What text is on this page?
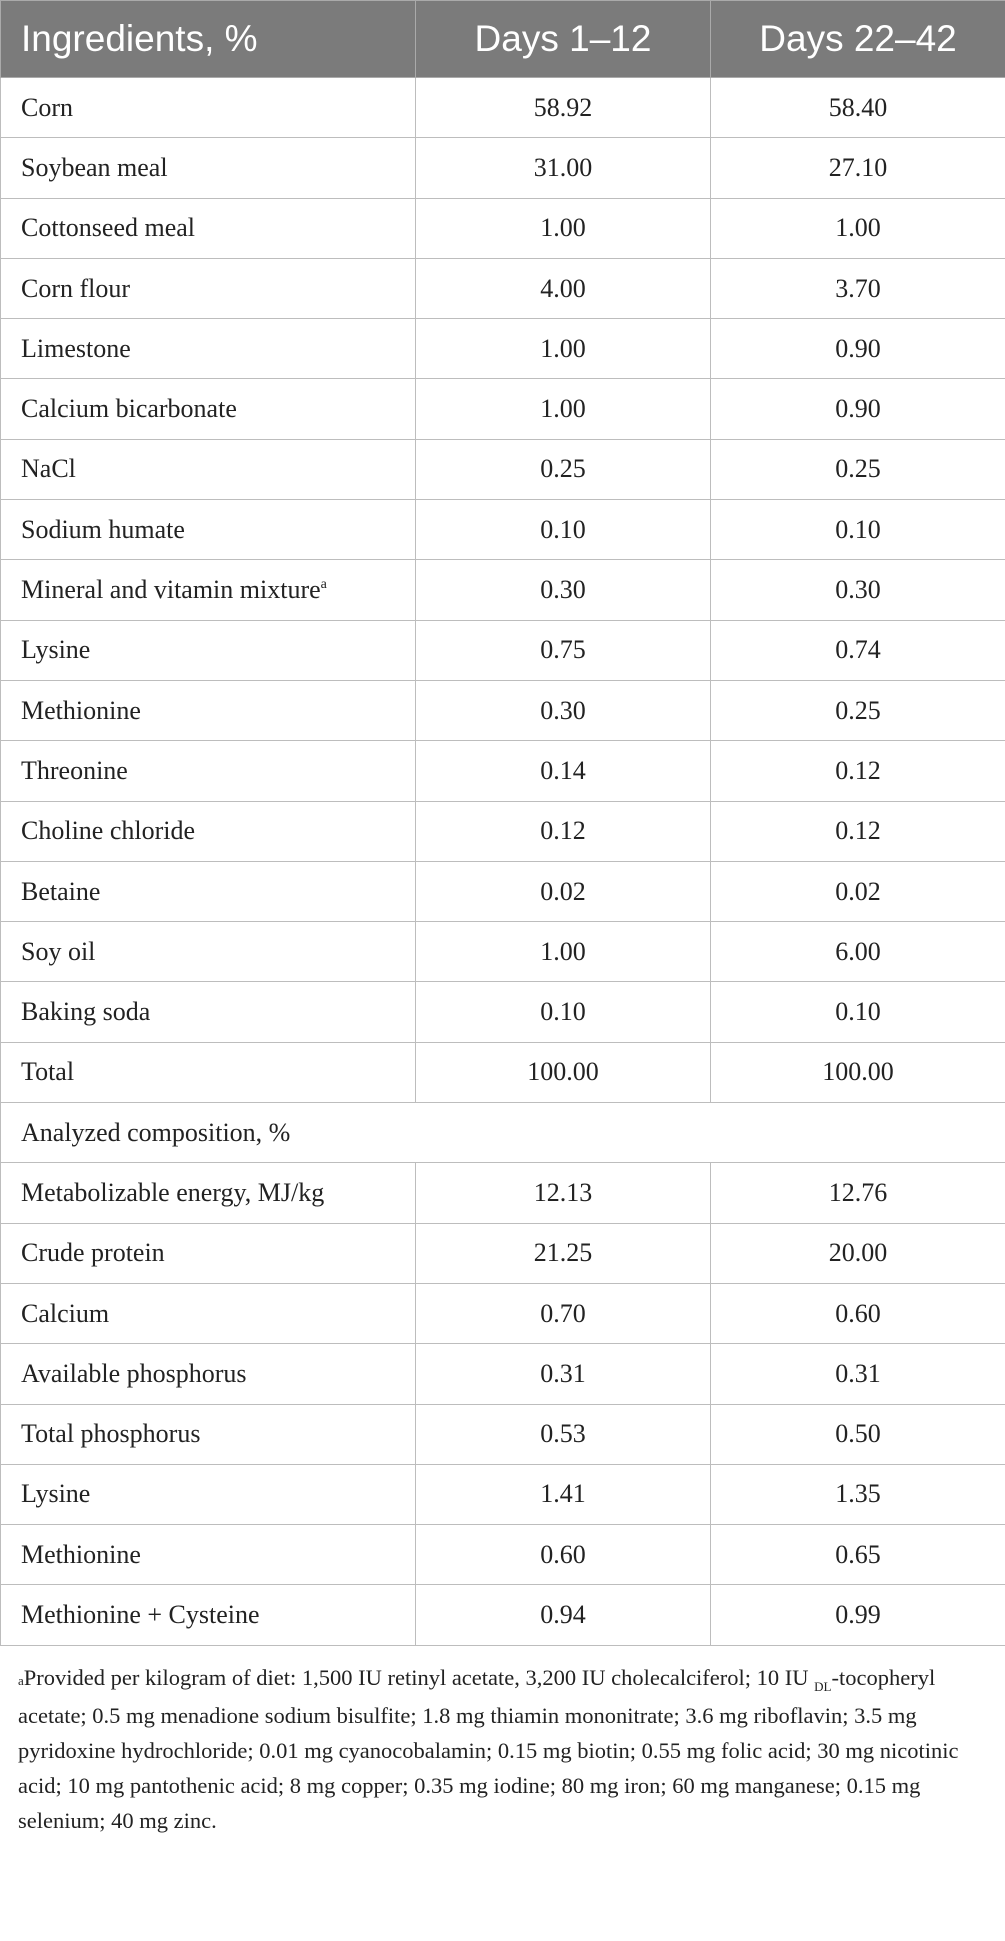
Ingredients, %	Days 1–12	Days 22–42
Corn	58.92	58.40
Soybean meal	31.00	27.10
Cottonseed meal	1.00	1.00
Corn flour	4.00	3.70
Limestone	1.00	0.90
Calcium bicarbonate	1.00	0.90
NaCl	0.25	0.25
Sodium humate	0.10	0.10
Mineral and vitamin mixture$^a$	0.30	0.30
Lysine	0.75	0.74
Methionine	0.30	0.25
Threonine	0.14	0.12
Choline chloride	0.12	0.12
Betaine	0.02	0.02
Soy oil	1.00	6.00
Baking soda	0.10	0.10
Total	100.00	100.00
Analyzed composition, %		
Metabolizable energy, MJ/kg	12.13	12.76
Crude protein	21.25	20.00
Calcium	0.70	0.60
Available phosphorus	0.31	0.31
Total phosphorus	0.53	0.50
Lysine	1.41	1.35
Methionine	0.60	0.65
Methionine + Cysteine	0.94	0.99
$^a$Provided per kilogram of diet: 1,500 IU retinyl acetate, 3,200 IU cholecalciferol; 10 IU $_{DL}$-tocopheryl acetate; 0.5 mg menadione sodium bisulfite; 1.8 mg thiamin mononitrate; 3.6 mg riboflavin; 3.5 mg pyridoxine hydrochloride; 0.01 mg cyanocobalamin; 0.15 mg biotin; 0.55 mg folic acid; 30 mg nicotinic acid; 10 mg pantothenic acid; 8 mg copper; 0.35 mg iodine; 80 mg iron; 60 mg manganese; 0.15 mg selenium; 40 mg zinc.
